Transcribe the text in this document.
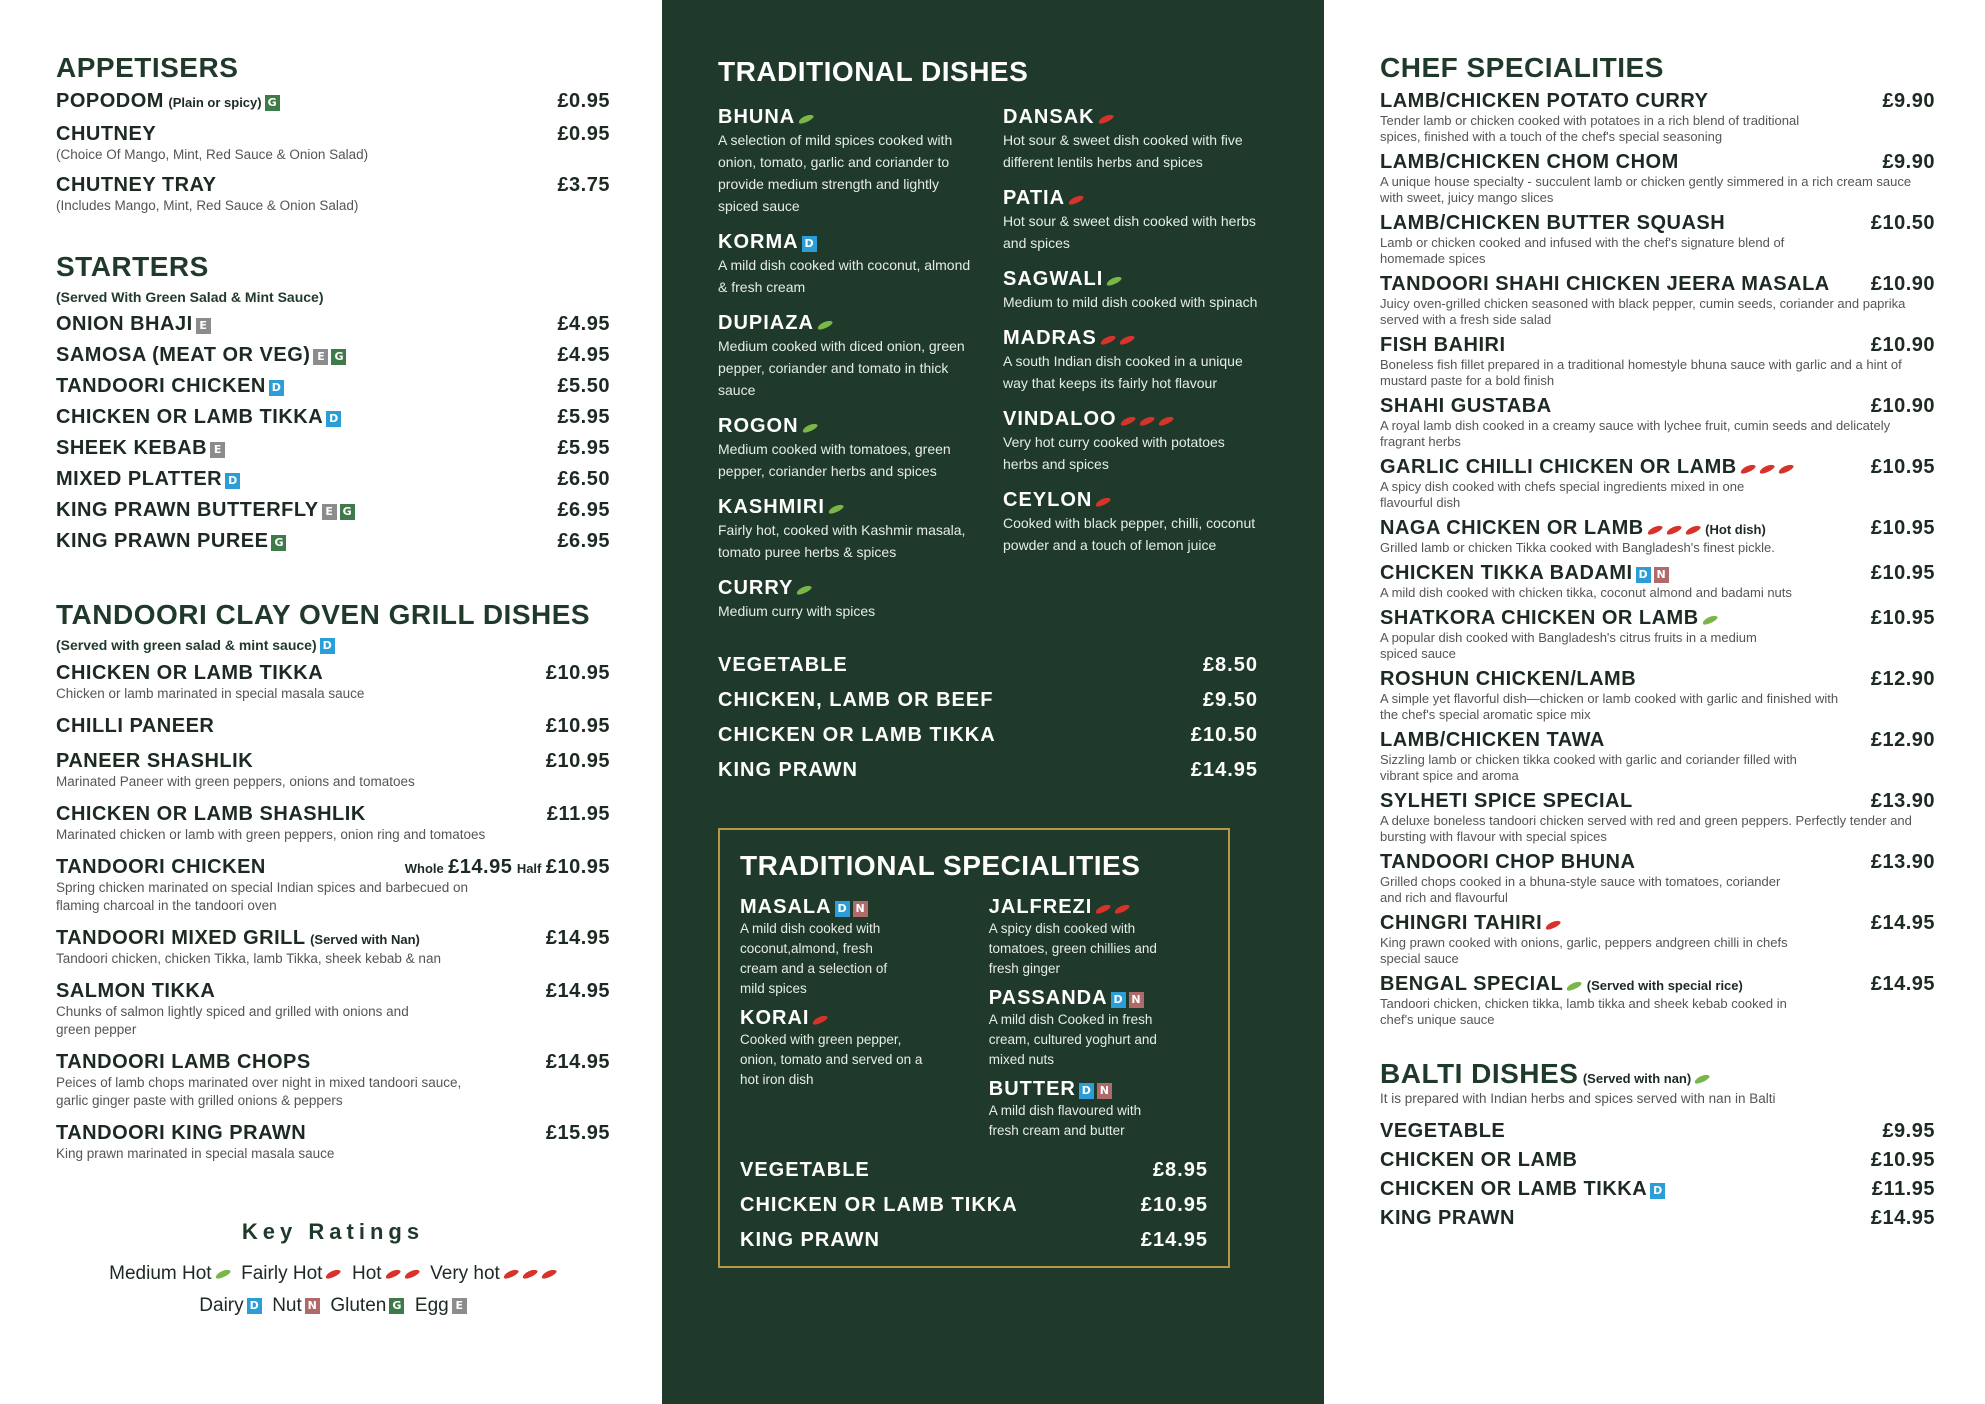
APPETISERS
POPODOM (Plain or spicy) G	£0.95
CHUTNEY	£0.95
(Choice Of Mango, Mint, Red Sauce & Onion Salad)
CHUTNEY TRAY	£3.75
(Includes Mango, Mint, Red Sauce & Onion Salad)
STARTERS
(Served With Green Salad & Mint Sauce)
ONION BHAJI E	£4.95
SAMOSA (MEAT OR VEG) E G	£4.95
TANDOORI CHICKEN D	£5.50
CHICKEN OR LAMB TIKKA D	£5.95
SHEEK KEBAB E	£5.95
MIXED PLATTER D	£6.50
KING PRAWN BUTTERFLY E G	£6.95
KING PRAWN PUREE G	£6.95
TANDOORI CLAY OVEN GRILL DISHES
(Served with green salad & mint sauce) D
CHICKEN OR LAMB TIKKA	£10.95
Chicken or lamb marinated in special masala sauce
CHILLI PANEER	£10.95
PANEER SHASHLIK	£10.95
Marinated Paneer with green peppers, onions and tomatoes
CHICKEN OR LAMB SHASHLIK	£11.95
Marinated chicken or lamb with green peppers, onion ring and tomatoes
TANDOORI CHICKEN	Whole £14.95 Half £10.95
Spring chicken marinated on special Indian spices and barbecued on flaming charcoal in the tandoori oven
TANDOORI MIXED GRILL (Served with Nan)	£14.95
Tandoori chicken, chicken Tikka, lamb Tikka, sheek kebab & nan
SALMON TIKKA	£14.95
Chunks of salmon lightly spiced and grilled with onions and green pepper
TANDOORI LAMB CHOPS	£14.95
Peices of lamb chops marinated over night in mixed tandoori sauce, garlic ginger paste with grilled onions & peppers
TANDOORI KING PRAWN	£15.95
King prawn marinated in special masala sauce
Key Ratings
Medium Hot Fairly Hot Hot	Very hot
Dairy D Nut N Gluten G Egg E
TRADITIONAL DISHES
BHUNA
A selection of mild spices cooked with onion, tomato, garlic and coriander to provide medium strength and lightly spiced sauce
KORMA D
A mild dish cooked with coconut, almond & fresh cream
DUPIAZA
Medium cooked with diced onion, green pepper, coriander and tomato in thick sauce
ROGON
Medium cooked with tomatoes, green pepper, coriander herbs and spices
KASHMIRI
Fairly hot, cooked with Kashmir masala, tomato puree herbs & spices
CURRY
Medium curry with spices
DANSAK
Hot sour & sweet dish cooked with five different lentils herbs and spices
PATIA
Hot sour & sweet dish cooked with herbs and spices
SAGWALI
Medium to mild dish cooked with spinach
MADRAS
A south Indian dish cooked in a unique way that keeps its fairly hot flavour
VINDALOO
Very hot curry cooked with potatoes herbs and spices
CEYLON
Cooked with black pepper, chilli, coconut powder and a touch of lemon juice
VEGETABLE	£8.50
CHICKEN, LAMB OR BEEF	£9.50
CHICKEN OR LAMB TIKKA	£10.50
KING PRAWN	£14.95
TRADITIONAL SPECIALITIES
MASALA D N
A mild dish cooked with coconut,almond, fresh cream and a selection of mild spices
KORAI
Cooked with green pepper, onion, tomato and served on a hot iron dish
JALFREZI
A spicy dish cooked with tomatoes, green chillies and fresh ginger
PASSANDA D N
A mild dish Cooked in fresh cream, cultured yoghurt and mixed nuts
BUTTER D N
A mild dish flavoured with fresh cream and butter
VEGETABLE	£8.95
CHICKEN OR LAMB TIKKA	£10.95
KING PRAWN	£14.95
CHEF SPECIALITIES
LAMB/CHICKEN POTATO CURRY	£9.90
Tender lamb or chicken cooked with potatoes in a rich blend of traditional spices, finished with a touch of the chef's special seasoning
LAMB/CHICKEN CHOM CHOM	£9.90
A unique house specialty - succulent lamb or chicken gently simmered in a rich cream sauce with sweet, juicy mango slices
LAMB/CHICKEN BUTTER SQUASH	£10.50
Lamb or chicken cooked and infused with the chef's signature blend of homemade spices
TANDOORI SHAHI CHICKEN JEERA MASALA £10.90
Juicy oven-grilled chicken seasoned with black pepper, cumin seeds, coriander and paprika served with a fresh side salad
FISH BAHIRI	£10.90
Boneless fish fillet prepared in a traditional homestyle bhuna sauce with garlic and a hint of mustard paste for a bold finish
SHAHI GUSTABA	£10.90
A royal lamb dish cooked in a creamy sauce with lychee fruit, cumin seeds and delicately fragrant herbs
GARLIC CHILLI CHICKEN OR LAMB	£10.95
A spicy dish cooked with chefs special ingredients mixed in one flavourful dish
NAGA CHICKEN OR LAMB	(Hot dish)	£10.95
Grilled lamb or chicken Tikka cooked with Bangladesh's finest pickle.
CHICKEN TIKKA BADAMI D N	£10.95
A mild dish cooked with chicken tikka, coconut almond and badami nuts
SHATKORA CHICKEN OR LAMB	£10.95
A popular dish cooked with Bangladesh's citrus fruits in a medium spiced sauce
ROSHUN CHICKEN/LAMB	£12.90
A simple yet flavorful dish—chicken or lamb cooked with garlic and finished with the chef's special aromatic spice mix
LAMB/CHICKEN TAWA	£12.90
Sizzling lamb or chicken tikka cooked with garlic and coriander filled with vibrant spice and aroma
SYLHETI SPICE SPECIAL	£13.90
A deluxe boneless tandoori chicken served with red and green peppers. Perfectly tender and bursting with flavour with special spices
TANDOORI CHOP BHUNA	£13.90
Grilled chops cooked in a bhuna-style sauce with tomatoes, coriander and rich and flavourful
CHINGRI TAHIRI	£14.95
King prawn cooked with onions, garlic, peppers andgreen chilli in chefs special sauce
BENGAL SPECIAL (Served with special rice)	£14.95
Tandoori chicken, chicken tikka, lamb tikka and sheek kebab cooked in chef's unique sauce
BALTI DISHES (Served with nan)
It is prepared with Indian herbs and spices served with nan in Balti
VEGETABLE	£9.95
CHICKEN OR LAMB	£10.95
CHICKEN OR LAMB TIKKA D	£11.95
KING PRAWN	£14.95
